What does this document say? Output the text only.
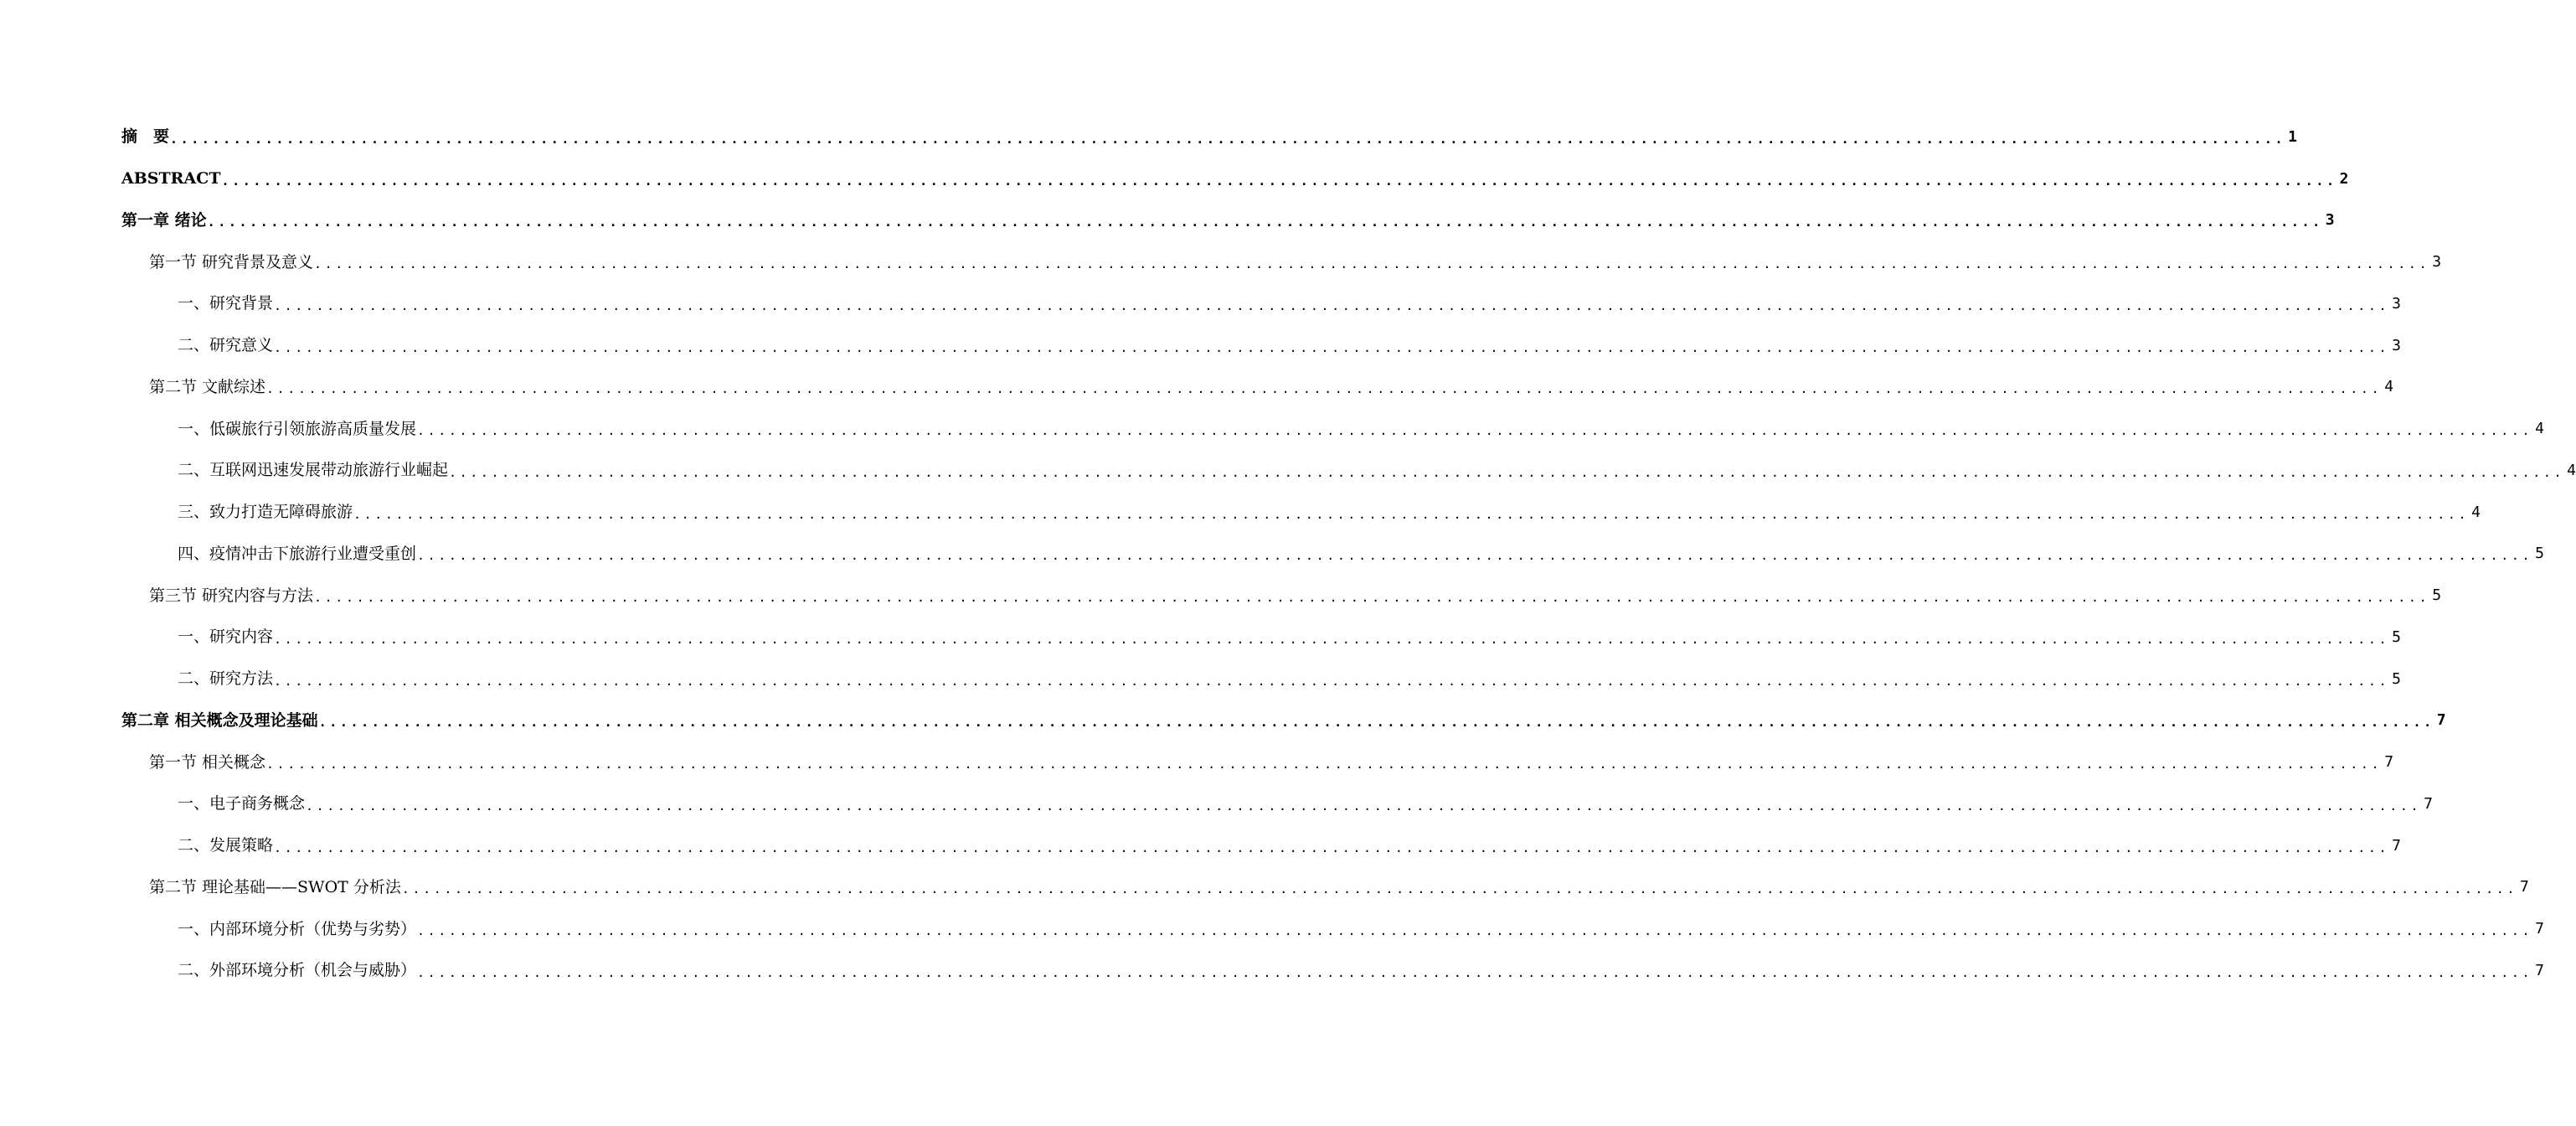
摘　要 ........................................................................................................................................................................................................ 1
ABSTRACT ........................................................................................................................................................................................................ 2
第一章 绪论 ........................................................................................................................................................................................................ 3
第一节 研究背景及意义 ........................................................................................................................................................................................................ 3
一、研究背景 ........................................................................................................................................................................................................ 3
二、研究意义 ........................................................................................................................................................................................................ 3
第二节 文献综述 ........................................................................................................................................................................................................ 4
一、低碳旅行引领旅游高质量发展 ........................................................................................................................................................................................................ 4
二、互联网迅速发展带动旅游行业崛起 ........................................................................................................................................................................................................ 4
三、致力打造无障碍旅游 ........................................................................................................................................................................................................ 4
四、疫情冲击下旅游行业遭受重创 ........................................................................................................................................................................................................ 5
第三节 研究内容与方法 ........................................................................................................................................................................................................ 5
一、研究内容 ........................................................................................................................................................................................................ 5
二、研究方法 ........................................................................................................................................................................................................ 5
第二章 相关概念及理论基础 ........................................................................................................................................................................................................ 7
第一节 相关概念 ........................................................................................................................................................................................................ 7
一、电子商务概念 ........................................................................................................................................................................................................ 7
二、发展策略 ........................................................................................................................................................................................................ 7
第二节 理论基础——SWOT 分析法 ........................................................................................................................................................................................................ 7
一、内部环境分析（优势与劣势） ........................................................................................................................................................................................................ 7
二、外部环境分析（机会与威胁） ........................................................................................................................................................................................................ 7
